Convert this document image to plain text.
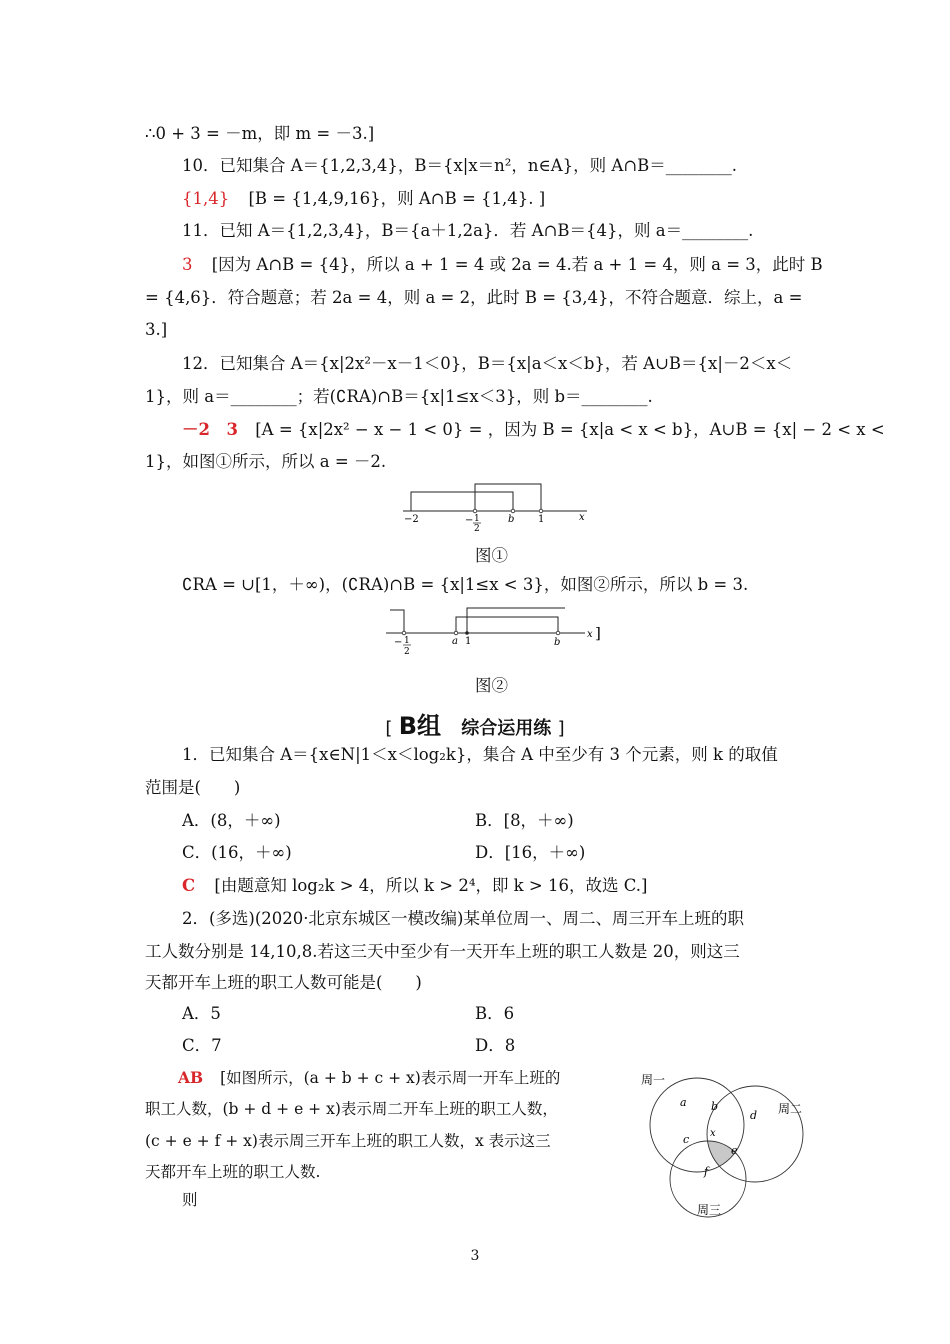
∴0 + 3 = －m，即 m = －3.]
10．已知集合 A＝{1,2,3,4}，B＝{x|x＝n²，n∈A}，则 A∩B＝________.
{1,4} [B = {1,4,9,16}，则 A∩B = {1,4}. ]
11．已知 A＝{1,2,3,4}，B＝{a＋1,2a}．若 A∩B＝{4}，则 a＝________.
3 [因为 A∩B = {4}，所以 a + 1 = 4 或 2a = 4.若 a + 1 = 4，则 a = 3，此时 B
= {4,6}．符合题意；若 2a = 4，则 a = 2，此时 B = {3,4}，不符合题意．综上，a =
3.]
12．已知集合 A＝{x|2x²－x－1＜0}，B＝{x|a＜x＜b}，若 A∪B＝{x|－2＜x＜
1}，则 a＝________；若(∁RA)∩B＝{x|1≤x＜3}，则 b＝________.
－2　3 [A = {x|2x² − x − 1 < 0} = ，因为 B = {x|a < x < b}，A∪B = {x| − 2 < x <
1}，如图①所示，所以 a = －2.
−2	− 1
2
b 1	x
图①
∁RA = ∪[1，＋∞)，(∁RA)∩B = {x|1≤x < 3}，如图②所示，所以 b = 3.
− 1
2
a 1	b
x ]
图②
[ B组 综合运用练 ]
1．已知集合 A＝{x∈N|1＜x＜log₂k}，集合 A 中至少有 3 个元素，则 k 的取值
范围是(　　)
A．(8，＋∞)	B．[8，＋∞)
C．(16，＋∞)	D．[16，＋∞)
C [由题意知 log₂k > 4，所以 k > 2⁴，即 k > 16，故选 C.]
2．(多选)(2020·北京东城区一模改编)某单位周一、周二、周三开车上班的职
工人数分别是 14,10,8.若这三天中至少有一天开车上班的职工人数是 20，则这三
天都开车上班的职工人数可能是(　　)
A．5	B．6
C．7	D．8
AB [如图所示，(a + b + c + x)表示周一开车上班的
职工人数，(b + d + e + x)表示周二开车上班的职工人数，
(c + e + f + x)表示周三开车上班的职工人数，x 表示这三
天都开车上班的职工人数.
则
周一
周二
周三
a b
d
c x
e
f
3
